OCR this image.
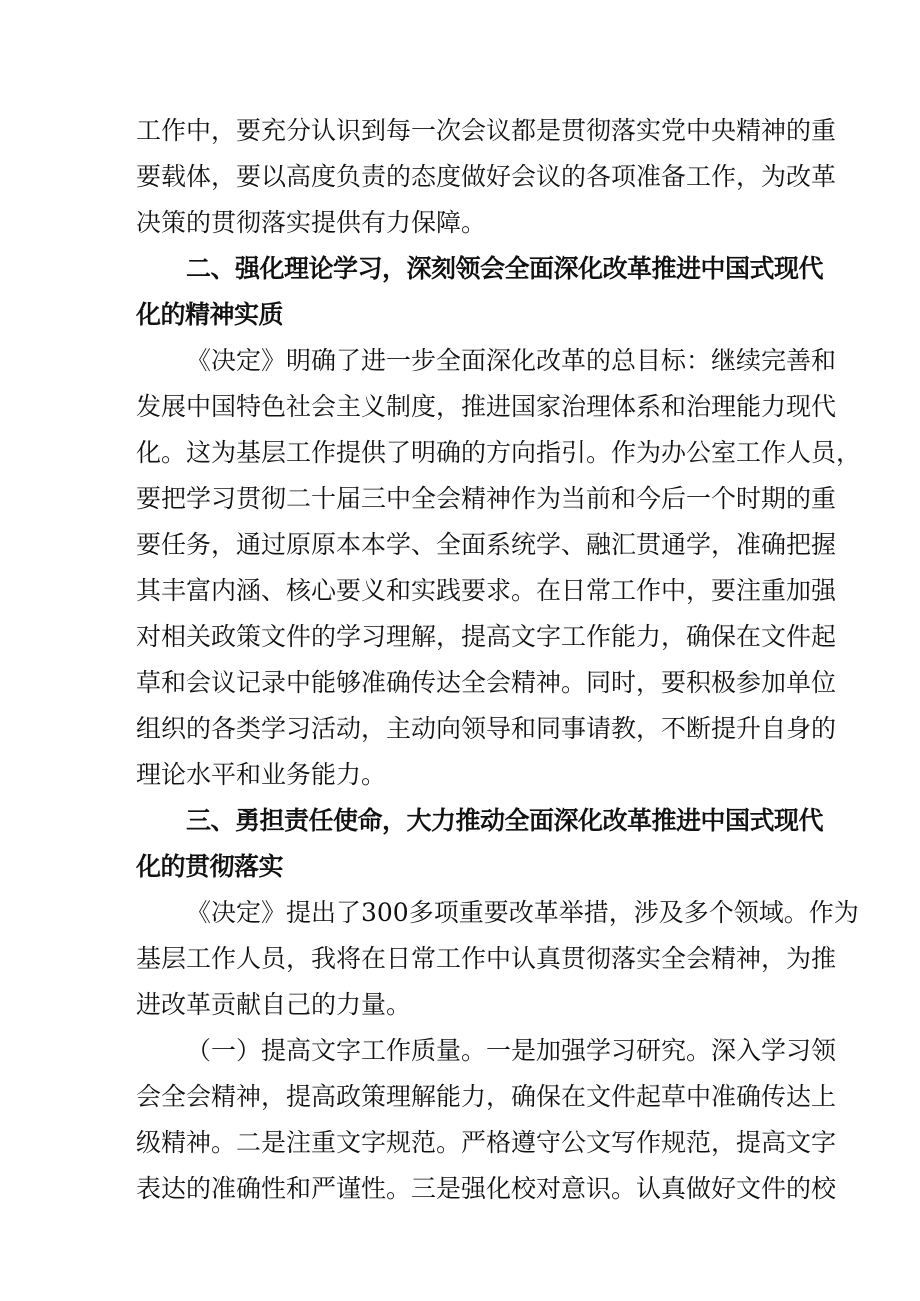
工作中，要充分认识到每一次会议都是贯彻落实党中央精神的重
要载体，要以高度负责的态度做好会议的各项准备工作，为改革
决策的贯彻落实提供有力保障。
二、强化理论学习，深刻领会全面深化改革推进中国式现代
化的精神实质
《决定》明确了进一步全面深化改革的总目标：继续完善和
发展中国特色社会主义制度，推进国家治理体系和治理能力现代
化。这为基层工作提供了明确的方向指引。作为办公室工作人员，
要把学习贯彻二十届三中全会精神作为当前和今后一个时期的重
要任务，通过原原本本学、全面系统学、融汇贯通学，准确把握
其丰富内涵、核心要义和实践要求。在日常工作中，要注重加强
对相关政策文件的学习理解，提高文字工作能力，确保在文件起
草和会议记录中能够准确传达全会精神。同时，要积极参加单位
组织的各类学习活动，主动向领导和同事请教，不断提升自身的
理论水平和业务能力。
三、勇担责任使命，大力推动全面深化改革推进中国式现代
化的贯彻落实
《决定》提出了300多项重要改革举措，涉及多个领域。作为
基层工作人员，我将在日常工作中认真贯彻落实全会精神，为推
进改革贡献自己的力量。
（一）提高文字工作质量。一是加强学习研究。深入学习领
会全会精神，提高政策理解能力，确保在文件起草中准确传达上
级精神。二是注重文字规范。严格遵守公文写作规范，提高文字
表达的准确性和严谨性。三是强化校对意识。认真做好文件的校
